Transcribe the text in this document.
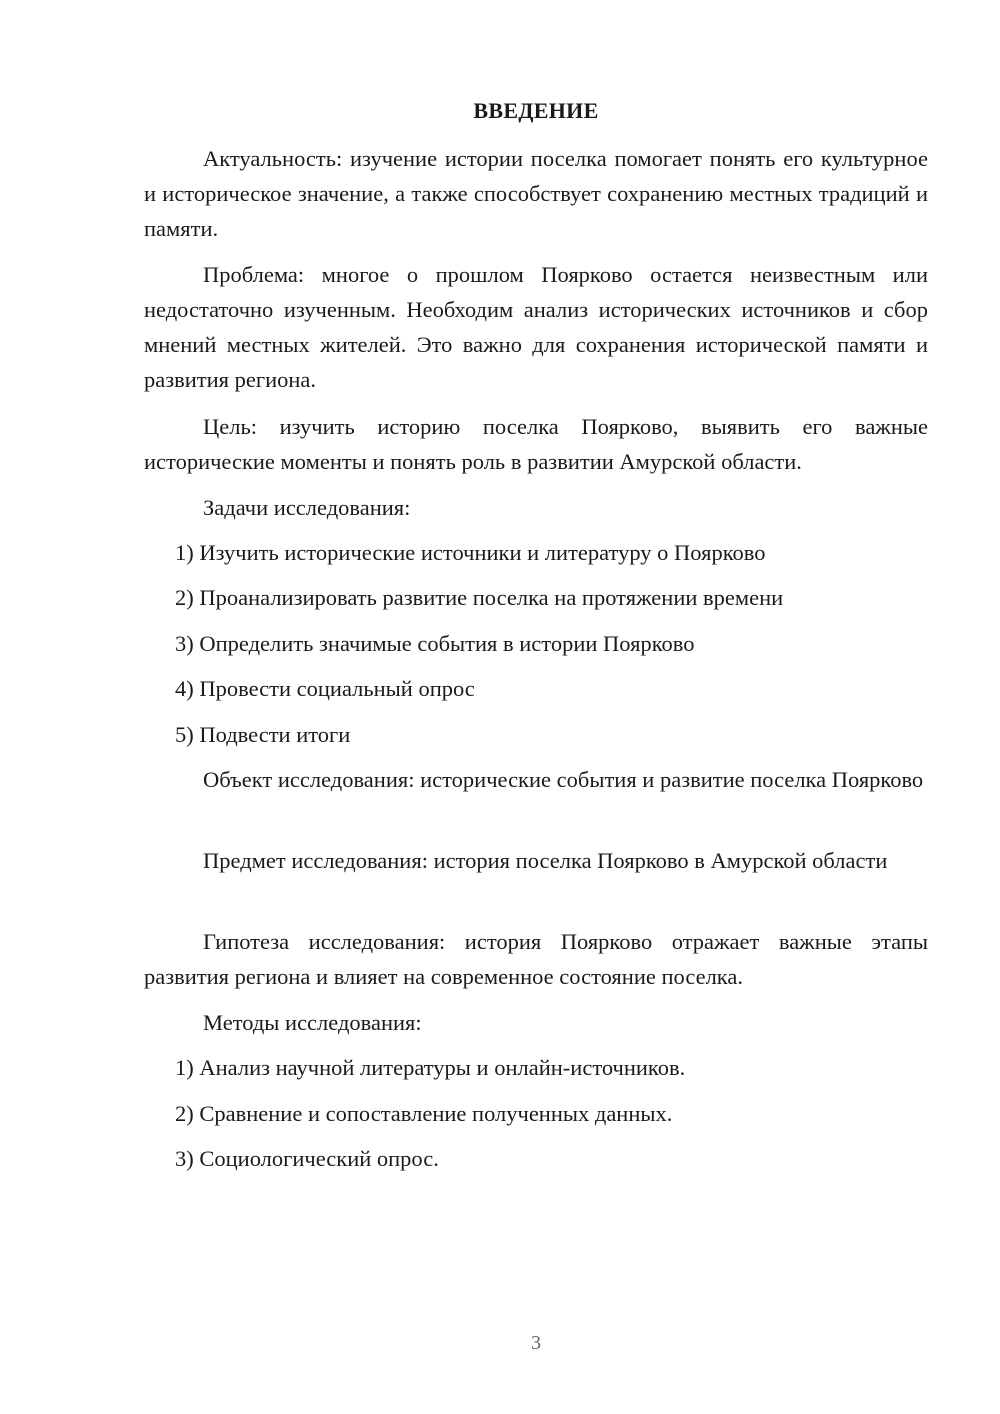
ВВЕДЕНИЕ

Актуальность: изучение истории поселка помогает понять его культурное и историческое значение, а также способствует сохранению местных традиций и памяти.

Проблема: многое о прошлом Поярково остается неизвестным или недостаточно изученным. Необходим анализ исторических источников и сбор мнений местных жителей. Это важно для сохранения исторической памяти и развития региона.

Цель: изучить историю поселка Поярково, выявить его важные исторические моменты и понять роль в развитии Амурской области.

Задачи исследования:

1) Изучить исторические источники и литературу о Поярково

2) Проанализировать развитие поселка на протяжении времени

3) Определить значимые события в истории Поярково

4) Провести социальный опрос

5) Подвести итоги

Объект исследования: исторические события и развитие поселка Поярково

Предмет исследования: история поселка Поярково в Амурской области

Гипотеза исследования: история Поярково отражает важные этапы развития региона и влияет на современное состояние поселка.

Методы исследования:

1) Анализ научной литературы и онлайн-источников.

2) Сравнение и сопоставление полученных данных.

3) Социологический опрос.

3
